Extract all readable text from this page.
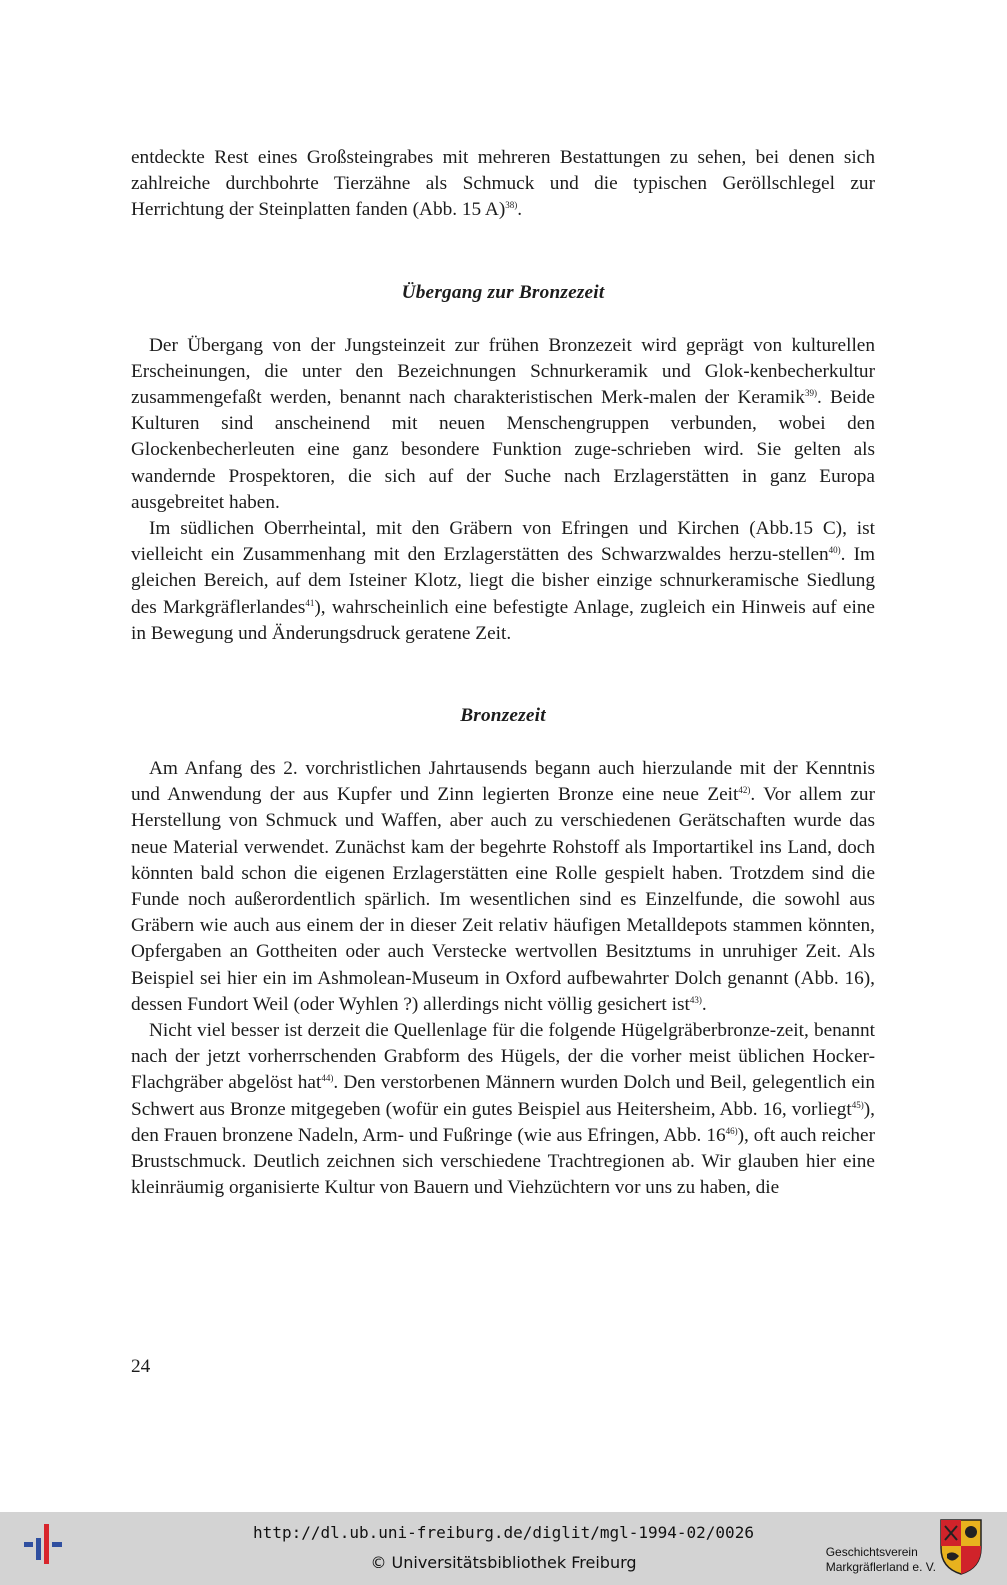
entdeckte Rest eines Großsteingrabes mit mehreren Bestattungen zu sehen, bei denen sich zahlreiche durchbohrte Tierzähne als Schmuck und die typischen Geröllschlegel zur Herrichtung der Steinplatten fanden (Abb. 15 A)$^{38)}$.

Übergang zur Bronzezeit

Der Übergang von der Jungsteinzeit zur frühen Bronzezeit wird geprägt von kulturellen Erscheinungen, die unter den Bezeichnungen Schnurkeramik und Glok-kenbecherkultur zusammengefaßt werden, benannt nach charakteristischen Merk-malen der Keramik$^{39)}$. Beide Kulturen sind anscheinend mit neuen Menschengruppen verbunden, wobei den Glockenbecherleuten eine ganz besondere Funktion zuge-schrieben wird. Sie gelten als wandernde Prospektoren, die sich auf der Suche nach Erzlagerstätten in ganz Europa ausgebreitet haben.

Im südlichen Oberrheintal, mit den Gräbern von Efringen und Kirchen (Abb.15 C), ist vielleicht ein Zusammenhang mit den Erzlagerstätten des Schwarzwaldes herzu-stellen$^{40)}$. Im gleichen Bereich, auf dem Isteiner Klotz, liegt die bisher einzige schnurkeramische Siedlung des Markgräflerlandes$^{41}$), wahrscheinlich eine befestigte Anlage, zugleich ein Hinweis auf eine in Bewegung und Änderungsdruck geratene Zeit.

Bronzezeit

Am Anfang des 2. vorchristlichen Jahrtausends begann auch hierzulande mit der Kenntnis und Anwendung der aus Kupfer und Zinn legierten Bronze eine neue Zeit$^{42)}$. Vor allem zur Herstellung von Schmuck und Waffen, aber auch zu verschiedenen Gerätschaften wurde das neue Material verwendet. Zunächst kam der begehrte Rohstoff als Importartikel ins Land, doch könnten bald schon die eigenen Erzlagerstätten eine Rolle gespielt haben. Trotzdem sind die Funde noch außerordentlich spärlich. Im wesentlichen sind es Einzelfunde, die sowohl aus Gräbern wie auch aus einem der in dieser Zeit relativ häufigen Metalldepots stammen könnten, Opfergaben an Gottheiten oder auch Verstecke wertvollen Besitztums in unruhiger Zeit. Als Beispiel sei hier ein im Ashmolean-Museum in Oxford aufbewahrter Dolch genannt (Abb. 16), dessen Fundort Weil (oder Wyhlen ?) allerdings nicht völlig gesichert ist$^{43)}$.

Nicht viel besser ist derzeit die Quellenlage für die folgende Hügelgräberbronze-zeit, benannt nach der jetzt vorherrschenden Grabform des Hügels, der die vorher meist üblichen Hocker-Flachgräber abgelöst hat$^{44)}$. Den verstorbenen Männern wurden Dolch und Beil, gelegentlich ein Schwert aus Bronze mitgegeben (wofür ein gutes Beispiel aus Heitersheim, Abb. 16, vorliegt$^{45)}$), den Frauen bronzene Nadeln, Arm- und Fußringe (wie aus Efringen, Abb. 16$^{46)}$), oft auch reicher Brustschmuck. Deutlich zeichnen sich verschiedene Trachtregionen ab. Wir glauben hier eine kleinräumig organisierte Kultur von Bauern und Viehzüchtern vor uns zu haben, die

24
http://dl.ub.uni-freiburg.de/diglit/mgl-1994-02/0026
© Universitätsbibliothek Freiburg
Geschichtsverein
Markgräflerland e. V.
